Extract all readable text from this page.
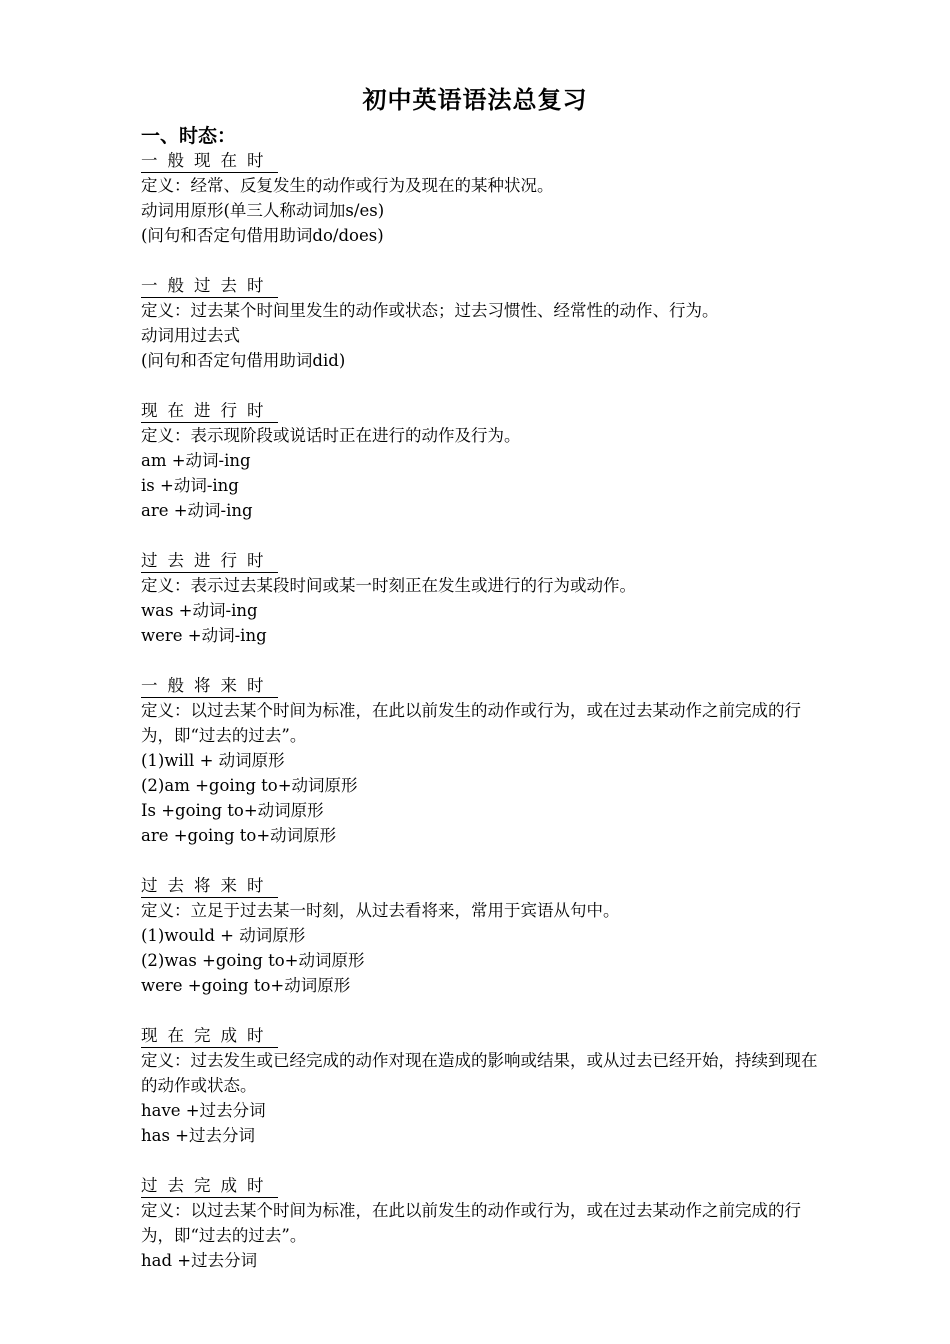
初中英语语法总复习
一、时态：
一般现在时
定义：经常、反复发生的动作或行为及现在的某种状况。
动词用原形(单三人称动词加s/es)
(问句和否定句借用助词do/does)
一般过去时
定义：过去某个时间里发生的动作或状态；过去习惯性、经常性的动作、行为。
动词用过去式
(问句和否定句借用助词did)
现在进行时
定义：表示现阶段或说话时正在进行的动作及行为。
am +动词-ing
is +动词-ing
are +动词-ing
过去进行时
定义：表示过去某段时间或某一时刻正在发生或进行的行为或动作。
was +动词-ing
were +动词-ing
一般将来时
定义：以过去某个时间为标准，在此以前发生的动作或行为，或在过去某动作之前完成的行为，即“过去的过去”。
(1)will + 动词原形
(2)am +going to+动词原形
Is +going to+动词原形
are +going to+动词原形
过去将来时
定义：立足于过去某一时刻，从过去看将来，常用于宾语从句中。
(1)would + 动词原形
(2)was +going to+动词原形
were +going to+动词原形
现在完成时
定义：过去发生或已经完成的动作对现在造成的影响或结果，或从过去已经开始，持续到现在的动作或状态。
have +过去分词
has +过去分词
过去完成时
定义：以过去某个时间为标准，在此以前发生的动作或行为，或在过去某动作之前完成的行为，即“过去的过去”。
had +过去分词
